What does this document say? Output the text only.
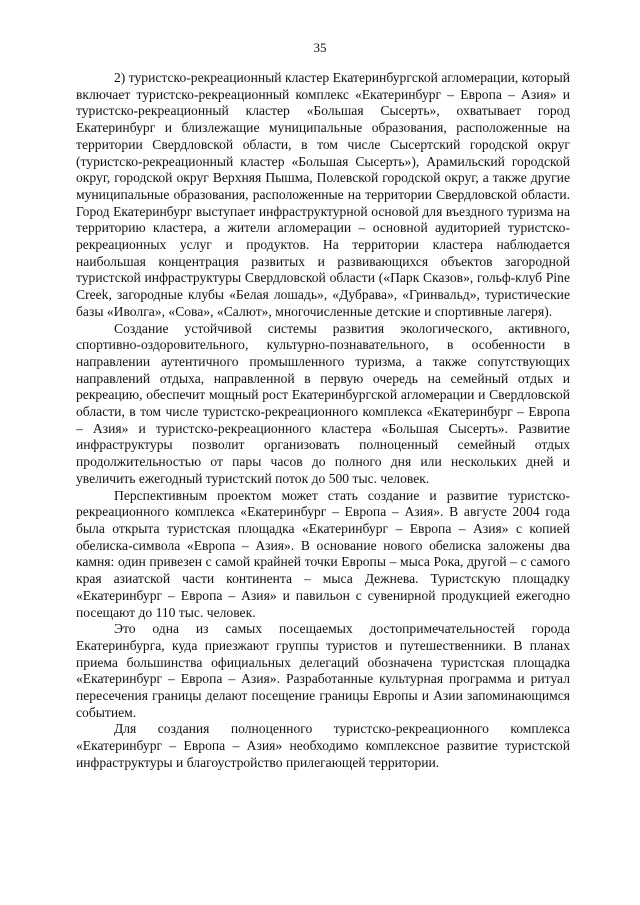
35

2) туристско-рекреационный кластер Екатеринбургской агломерации, который включает туристско-рекреационный комплекс «Екатеринбург – Европа – Азия» и туристско-рекреационный кластер «Большая Сысерть», охватывает город Екатеринбург и близлежащие муниципальные образования, расположенные на территории Свердловской области, в том числе Сысертский городской округ (туристско-рекреационный кластер «Большая Сысерть»), Арамильский городской округ, городской округ Верхняя Пышма, Полевской городской округ, а также другие муниципальные образования, расположенные на территории Свердловской области. Город Екатеринбург выступает инфраструктурной основой для въездного туризма на территорию кластера, а жители агломерации – основной аудиторией туристско-рекреационных услуг и продуктов. На территории кластера наблюдается наибольшая концентрация развитых и развивающихся объектов загородной туристской инфраструктуры Свердловской области («Парк Сказов», гольф-клуб Pine Creek, загородные клубы «Белая лошадь», «Дубрава», «Гринвальд», туристические базы «Иволга», «Сова», «Салют», многочисленные детские и спортивные лагеря).

Создание устойчивой системы развития экологического, активного, спортивно-оздоровительного, культурно-познавательного, в особенности в направлении аутентичного промышленного туризма, а также сопутствующих направлений отдыха, направленной в первую очередь на семейный отдых и рекреацию, обеспечит мощный рост Екатеринбургской агломерации и Свердловской области, в том числе туристско-рекреационного комплекса «Екатеринбург – Европа – Азия» и туристско-рекреационного кластера «Большая Сысерть». Развитие инфраструктуры позволит организовать полноценный семейный отдых продолжительностью от пары часов до полного дня или нескольких дней и увеличить ежегодный туристский поток до 500 тыс. человек.

Перспективным проектом может стать создание и развитие туристско-рекреационного комплекса «Екатеринбург – Европа – Азия». В августе 2004 года была открыта туристская площадка «Екатеринбург – Европа – Азия» с копией обелиска-символа «Европа – Азия». В основание нового обелиска заложены два камня: один привезен с самой крайней точки Европы – мыса Рока, другой – с самого края азиатской части континента – мыса Дежнева. Туристскую площадку «Екатеринбург – Европа – Азия» и павильон с сувенирной продукцией ежегодно посещают до 110 тыс. человек.

Это одна из самых посещаемых достопримечательностей города Екатеринбурга, куда приезжают группы туристов и путешественники. В планах приема большинства официальных делегаций обозначена туристская площадка «Екатеринбург – Европа – Азия». Разработанные культурная программа и ритуал пересечения границы делают посещение границы Европы и Азии запоминающимся событием.

Для создания полноценного туристско-рекреационного комплекса «Екатеринбург – Европа – Азия» необходимо комплексное развитие туристской инфраструктуры и благоустройство прилегающей территории.
